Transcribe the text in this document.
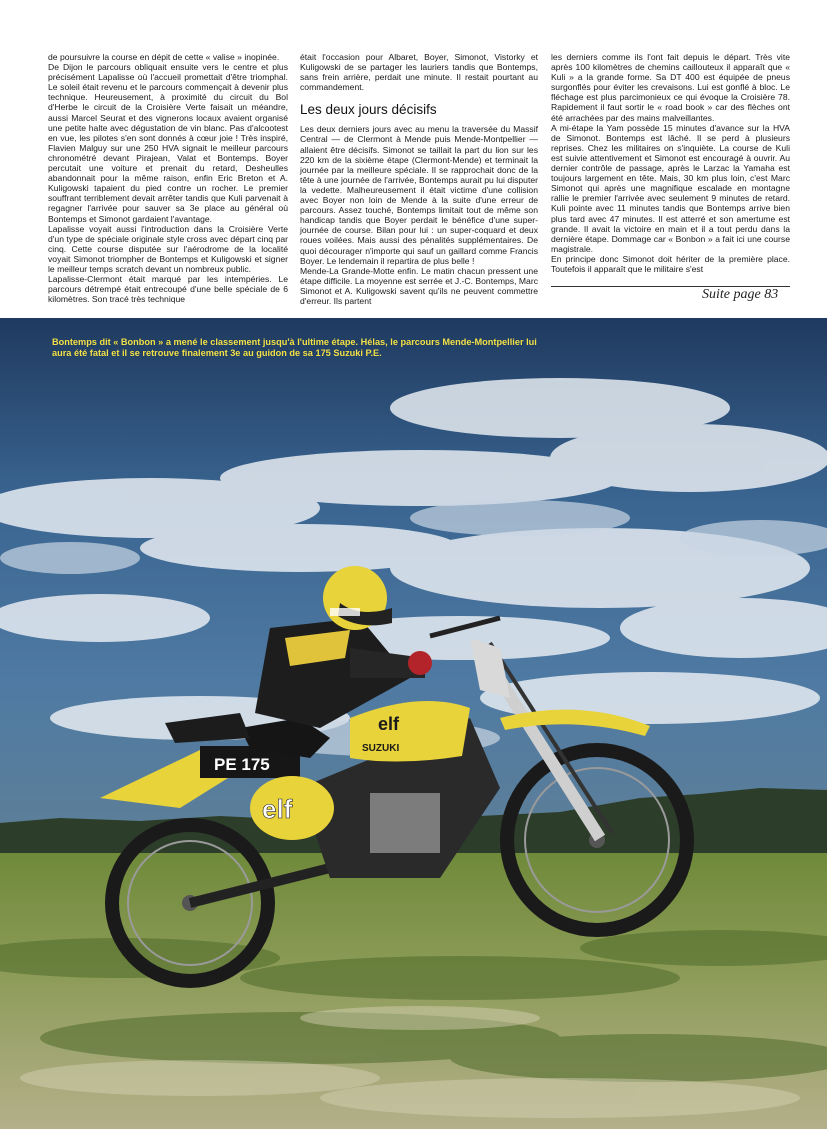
de poursuivre la course en dépit de cette « valise » inopinée.

De Dijon le parcours obliquait ensuite vers le centre et plus précisément Lapalisse où l'accueil promettait d'être triomphal. Le soleil était revenu et le parcours commençait à devenir plus technique. Heureusement, à proximité du circuit du Bol d'Herbe le circuit de la Croisière Verte faisait un méandre, aussi Marcel Seurat et des vignerons locaux avaient organisé une petite halte avec dégustation de vin blanc. Pas d'alcootest en vue, les pilotes s'en sont donnés à cœur joie ! Très inspiré, Flavien Malguy sur une 250 HVA signait le meilleur parcours chronométré devant Pirajean, Valat et Bontemps. Boyer percutait une voiture et prenait du retard, Desheulles abandonnait pour la même raison, enfin Eric Breton et A. Kuligowski tapaient du pied contre un rocher. Le premier souffrant terriblement devait arrêter tandis que Kuli parvenait à regagner l'arrivée pour sauver sa 3e place au général où Bontemps et Simonot gardaient l'avantage.

Lapalisse voyait aussi l'introduction dans la Croisière Verte d'un type de spéciale originale style cross avec départ cinq par cinq. Cette course disputée sur l'aérodrome de la localité voyait Simonot triompher de Bontemps et Kuligowski et signer le meilleur temps scratch devant un nombreux public.

Lapalisse-Clermont était marqué par les intempéries. Le parcours détrempé était entrecoupé d'une belle spéciale de 6 kilomètres. Son tracé très technique

était l'occasion pour Albaret, Boyer, Simonot, Vistorky et Kuligowski de se partager les lauriers tandis que Bontemps, sans frein arrière, perdait une minute. Il restait pourtant au commandement.

Les deux jours décisifs

Les deux derniers jours avec au menu la traversée du Massif Central — de Clermont à Mende puis Mende-Montpellier — allaient être décisifs. Simonot se taillait la part du lion sur les 220 km de la sixième étape (Clermont-Mende) et terminait la journée par la meilleure spéciale. Il se rapprochait donc de la tête à une journée de l'arrivée, Bontemps aurait pu lui disputer la vedette. Malheureusement il était victime d'une collision avec Boyer non loin de Mende à la suite d'une erreur de parcours. Assez touché, Bontemps limitait tout de même son handicap tandis que Boyer perdait le bénéfice d'une super-journée de course. Bilan pour lui : un super-coquard et deux roues voilées. Mais aussi des pénalités supplémentaires. De quoi décourager n'importe qui sauf un gaillard comme Francis Boyer. Le lendemain il repartira de plus belle !

Mende-La Grande-Motte enfin. Le matin chacun pressent une étape difficile. La moyenne est serrée et J.-C. Bontemps, Marc Simonot et A. Kuligowski savent qu'ils ne peuvent commettre d'erreur. Ils partent

les derniers comme ils l'ont fait depuis le départ. Très vite après 100 kilomètres de chemins caillouteux il apparaît que « Kuli » a la grande forme. Sa DT 400 est équipée de pneus surgonflés pour éviter les crevaisons. Lui est gonflé à bloc. Le fléchage est plus parcimonieux ce qui évoque la Croisière 78. Rapidement il faut sortir le « road book » car des flèches ont été arrachées par des mains malveillantes.

A mi-étape la Yam possède 15 minutes d'avance sur la HVA de Simonot. Bontemps est lâché. Il se perd à plusieurs reprises. Chez les militaires on s'inquiète. La course de Kuli est suivie attentivement et Simonot est encouragé à ouvrir. Au dernier contrôle de passage, après le Larzac la Yamaha est toujours largement en tête. Mais, 30 km plus loin, c'est Marc Simonot qui après une magnifique escalade en montagne rallie le premier l'arrivée avec seulement 9 minutes de retard. Kuli pointe avec 11 minutes tandis que Bontemps arrive bien plus tard avec 47 minutes. Il est atterré et son amertume est grande. Il avait la victoire en main et il a tout perdu dans la dernière étape. Dommage car « Bonbon » a fait ici une course magistrale.

En principe donc Simonot doit hériter de la première place. Toutefois il apparaît que le militaire s'est

Suite page 83
PE 175
elf
SUZUKI
elf
Bontemps dit « Bonbon » a mené le classement jusqu'à l'ultime étape. Hélas, le parcours Mende-Montpellier lui aura été fatal et il se retrouve finalement 3e au guidon de sa 175 Suzuki P.E.
